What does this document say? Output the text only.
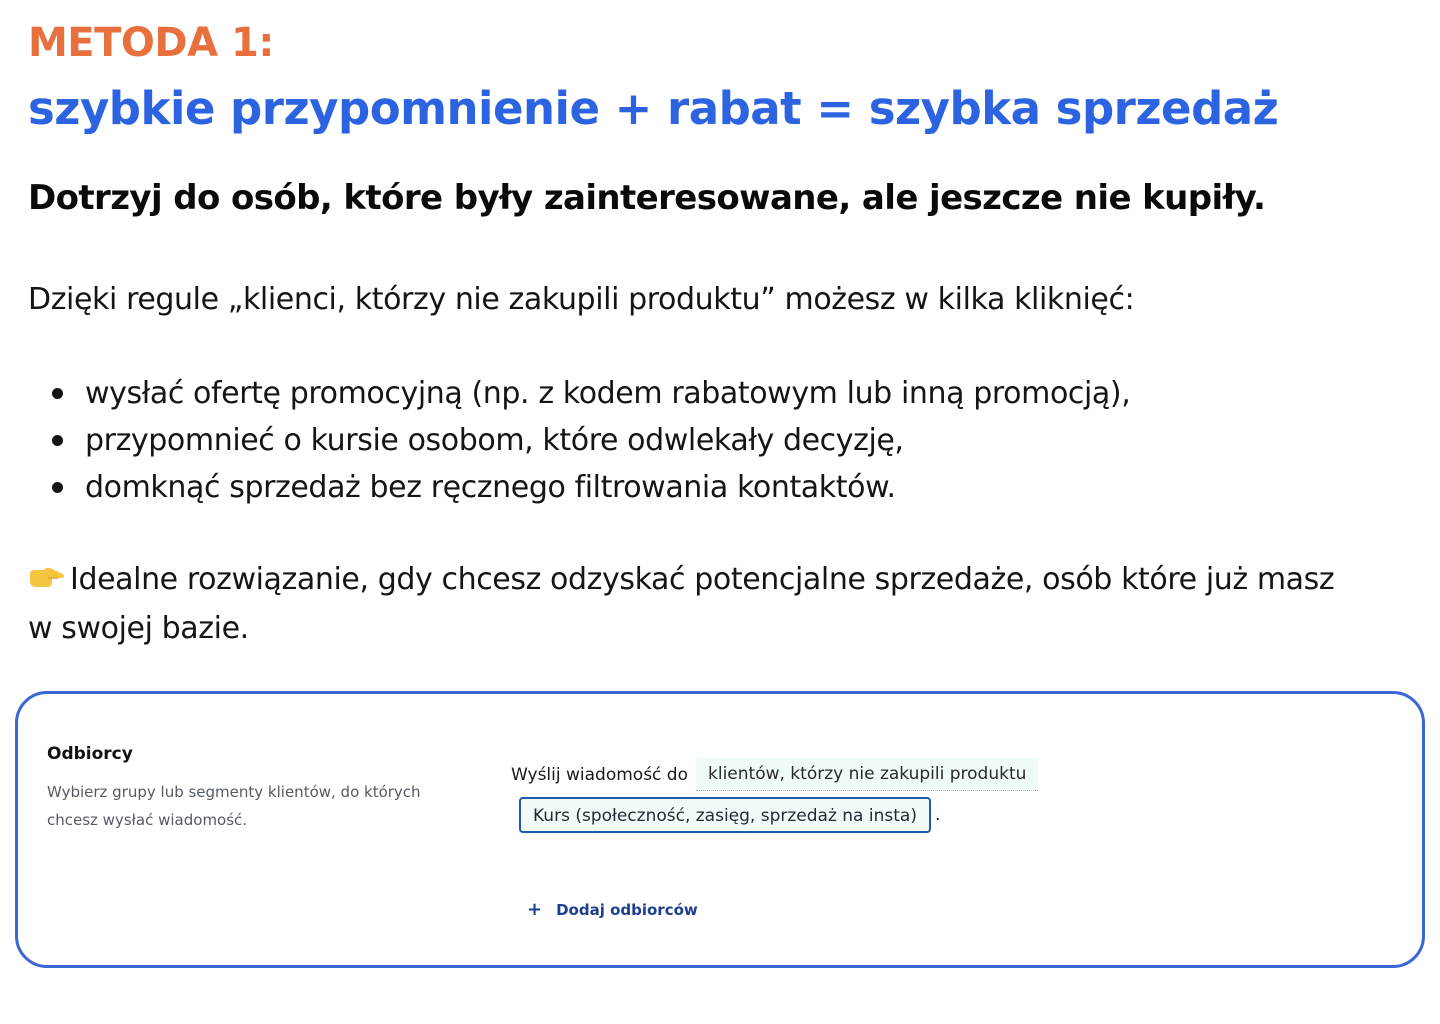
METODA 1:
szybkie przypomnienie + rabat = szybka sprzedaż
Dotrzyj do osób, które były zainteresowane, ale jeszcze nie kupiły.
Dzięki regule „klienci, którzy nie zakupili produktu” możesz w kilka kliknięć:
wysłać ofertę promocyjną (np. z kodem rabatowym lub inną promocją),
przypomnieć o kursie osobom, które odwlekały decyzję,
domknąć sprzedaż bez ręcznego filtrowania kontaktów.
Idealne rozwiązanie, gdy chcesz odzyskać potencjalne sprzedaże, osób które już masz w swojej bazie.
Odbiorcy
Wybierz grupy lub segmenty klientów, do których chcesz wysłać wiadomość.
Wyślij wiadomość do	klientów, którzy nie zakupili produktu
Kurs (społeczność, zasięg, sprzedaż na insta)	.
+ Dodaj odbiorców
